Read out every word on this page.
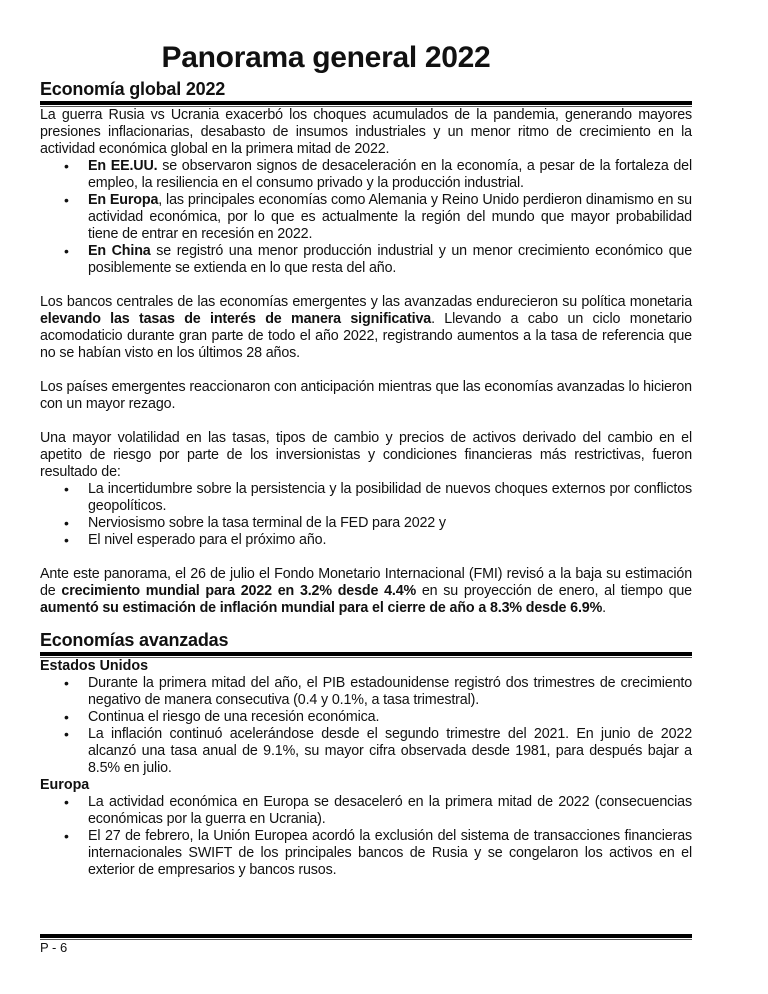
Panorama general 2022
Economía global 2022

La guerra Rusia vs Ucrania exacerbó los choques acumulados de la pandemia, generando mayores presiones inflacionarias, desabasto de insumos industriales y un menor ritmo de crecimiento en la actividad económica global en la primera mitad de 2022.

• En EE.UU. se observaron signos de desaceleración en la economía, a pesar de la fortaleza del empleo, la resiliencia en el consumo privado y la producción industrial.
• En Europa, las principales economías como Alemania y Reino Unido perdieron dinamismo en su actividad económica, por lo que es actualmente la región del mundo que mayor probabilidad tiene de entrar en recesión en 2022.
• En China se registró una menor producción industrial y un menor crecimiento económico que posiblemente se extienda en lo que resta del año.

Los bancos centrales de las economías emergentes y las avanzadas endurecieron su política monetaria elevando las tasas de interés de manera significativa. Llevando a cabo un ciclo monetario acomodaticio durante gran parte de todo el año 2022, registrando aumentos a la tasa de referencia que no se habían visto en los últimos 28 años.

Los países emergentes reaccionaron con anticipación mientras que las economías avanzadas lo hicieron con un mayor rezago.

Una mayor volatilidad en las tasas, tipos de cambio y precios de activos derivado del cambio en el apetito de riesgo por parte de los inversionistas y condiciones financieras más restrictivas, fueron resultado de:

• La incertidumbre sobre la persistencia y la posibilidad de nuevos choques externos por conflictos geopolíticos.
• Nerviosismo sobre la tasa terminal de la FED para 2022 y
• El nivel esperado para el próximo año.

Ante este panorama, el 26 de julio el Fondo Monetario Internacional (FMI) revisó a la baja su estimación de crecimiento mundial para 2022 en 3.2% desde 4.4% en su proyección de enero, al tiempo que aumentó su estimación de inflación mundial para el cierre de año a 8.3% desde 6.9%.

Economías avanzadas

Estados Unidos

• Durante la primera mitad del año, el PIB estadounidense registró dos trimestres de crecimiento negativo de manera consecutiva (0.4 y 0.1%, a tasa trimestral).
• Continua el riesgo de una recesión económica.
• La inflación continuó acelerándose desde el segundo trimestre del 2021. En junio de 2022 alcanzó una tasa anual de 9.1%, su mayor cifra observada desde 1981, para después bajar a 8.5% en julio.

Europa

• La actividad económica en Europa se desaceleró en la primera mitad de 2022 (consecuencias económicas por la guerra en Ucrania).
• El 27 de febrero, la Unión Europea acordó la exclusión del sistema de transacciones financieras internacionales SWIFT de los principales bancos de Rusia y se congelaron los activos en el exterior de empresarios y bancos rusos.
P - 6
